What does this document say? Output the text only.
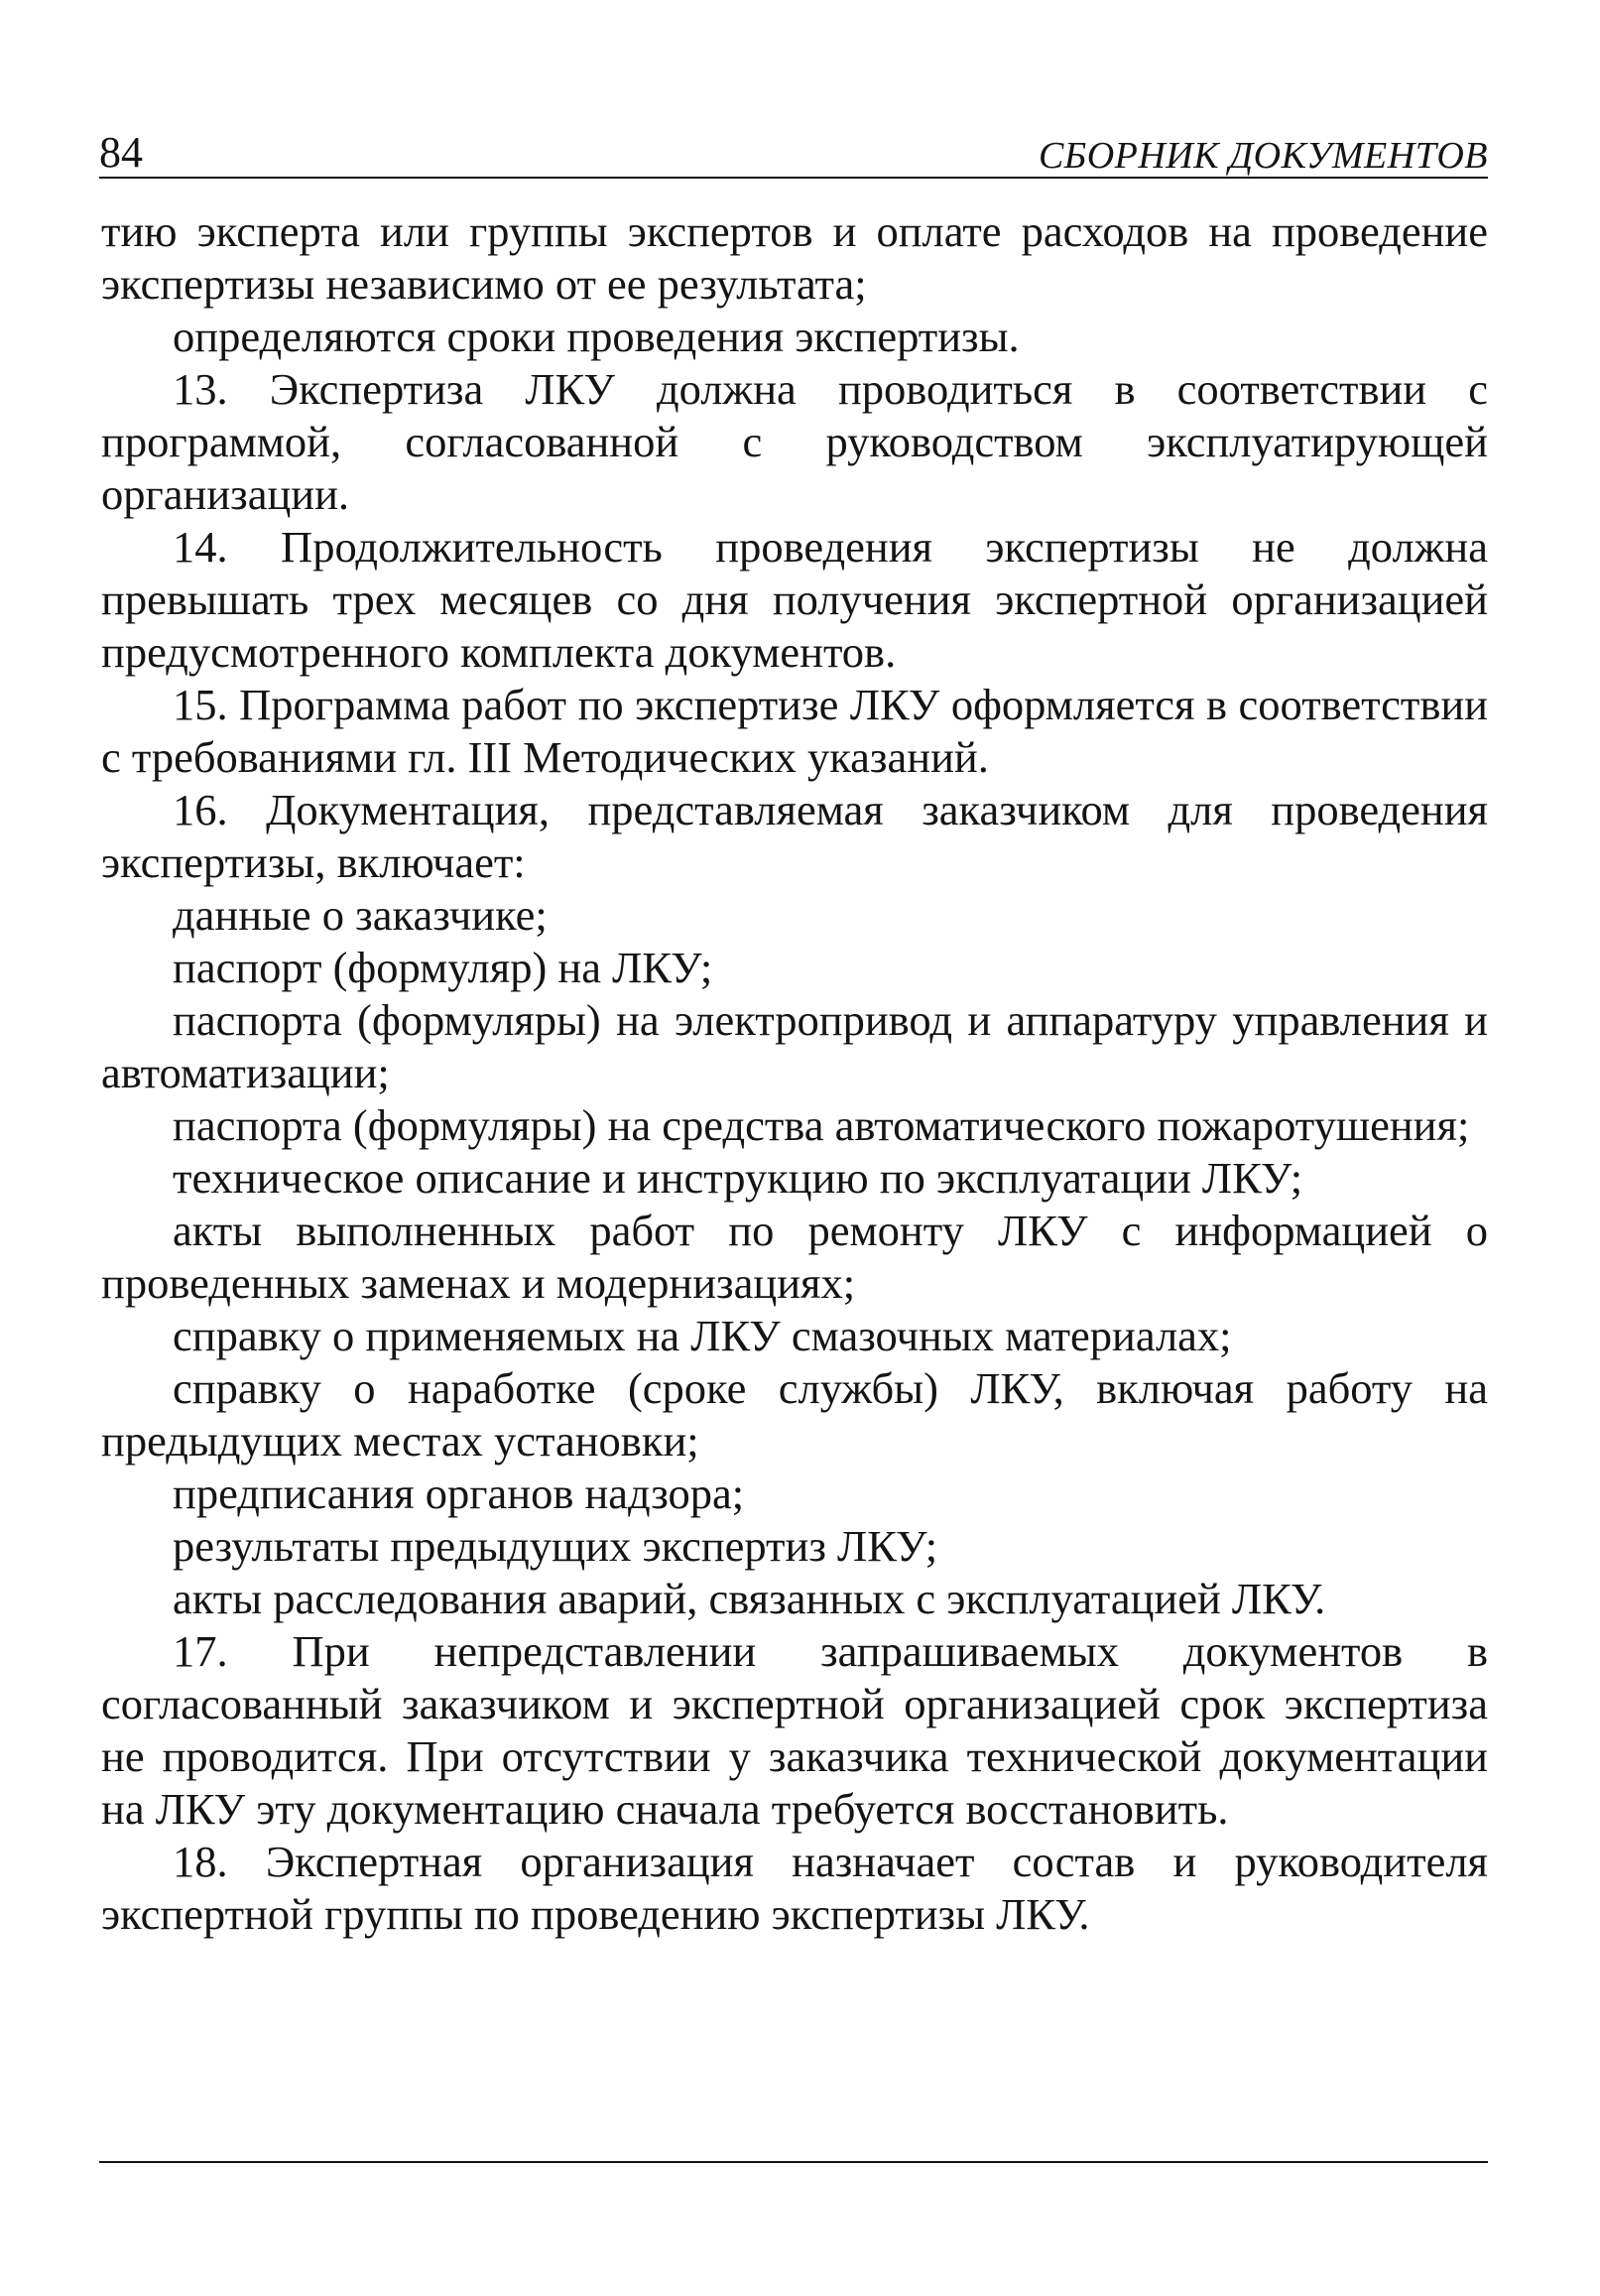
84	СБОРНИК ДОКУМЕНТОВ

тию эксперта или группы экспертов и оплате расходов на проведение экспертизы независимо от ее результата;

определяются сроки проведения экспертизы.

13. Экспертиза ЛКУ должна проводиться в соответствии с программой, согласованной с руководством эксплуатирующей организации.

14. Продолжительность проведения экспертизы не должна превышать трех месяцев со дня получения экспертной организацией предусмотренного комплекта документов.

15. Программа работ по экспертизе ЛКУ оформляется в соответствии с требованиями гл. III Методических указаний.

16. Документация, представляемая заказчиком для проведения экспертизы, включает:

данные о заказчике;

паспорт (формуляр) на ЛКУ;

паспорта (формуляры) на электропривод и аппаратуру управления и автоматизации;

паспорта (формуляры) на средства автоматического пожаротушения;

техническое описание и инструкцию по эксплуатации ЛКУ;

акты выполненных работ по ремонту ЛКУ с информацией о проведенных заменах и модернизациях;

справку о применяемых на ЛКУ смазочных материалах;

справку о наработке (сроке службы) ЛКУ, включая работу на предыдущих местах установки;

предписания органов надзора;

результаты предыдущих экспертиз ЛКУ;

акты расследования аварий, связанных с эксплуатацией ЛКУ.

17. При непредставлении запрашиваемых документов в согласованный заказчиком и экспертной организацией срок экспертиза не проводится. При отсутствии у заказчика технической документации на ЛКУ эту документацию сначала требуется восстановить.

18. Экспертная организация назначает состав и руководителя экспертной группы по проведению экспертизы ЛКУ.
